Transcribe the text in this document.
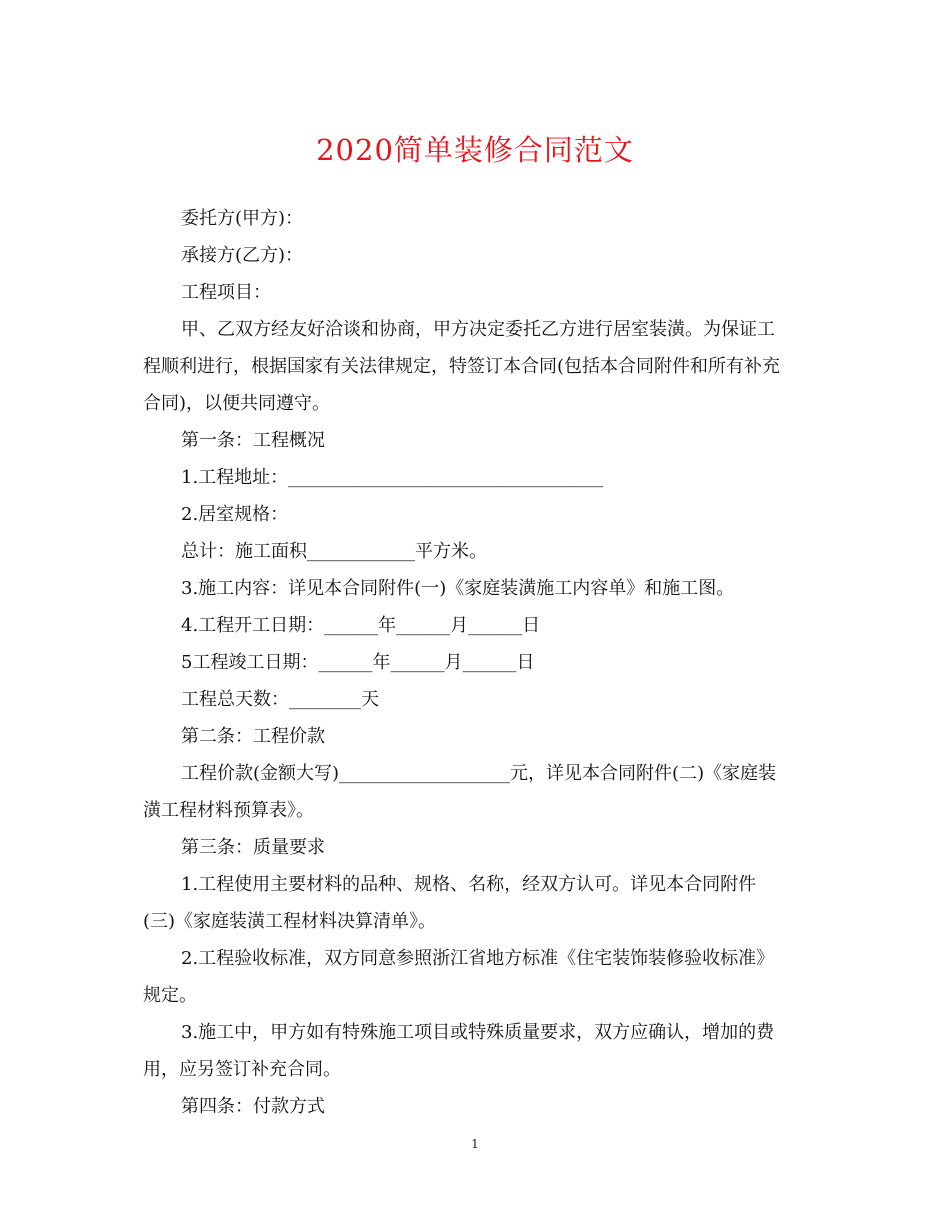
2020简单装修合同范文
委托方(甲方)：
承接方(乙方)：
工程项目：
甲、乙双方经友好洽谈和协商，甲方决定委托乙方进行居室装潢。为保证工
程顺利进行，根据国家有关法律规定，特签订本合同(包括本合同附件和所有补充
合同)，以便共同遵守。
第一条：工程概况
1.工程地址：___________________________________
2.居室规格：
总计：施工面积____________平方米。
3.施工内容：详见本合同附件(一)《家庭装潢施工内容单》和施工图。
4.工程开工日期：______年______月______日
5工程竣工日期：______年______月______日
工程总天数：________天
第二条：工程价款
工程价款(金额大写)___________________元，详见本合同附件(二)《家庭装
潢工程材料预算表》。
第三条：质量要求
1.工程使用主要材料的品种、规格、名称，经双方认可。详见本合同附件
(三)《家庭装潢工程材料决算清单》。
2.工程验收标准，双方同意参照浙江省地方标准《住宅装饰装修验收标准》
规定。
3.施工中，甲方如有特殊施工项目或特殊质量要求，双方应确认，增加的费
用，应另签订补充合同。
第四条：付款方式
1
